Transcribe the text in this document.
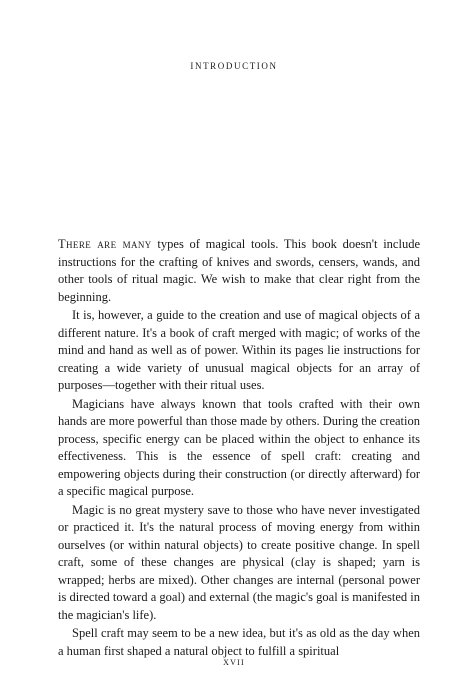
introduction

There are many types of magical tools. This book doesn't include instructions for the crafting of knives and swords, censers, wands, and other tools of ritual magic. We wish to make that clear right from the beginning.

It is, however, a guide to the creation and use of magical objects of a different nature. It's a book of craft merged with magic; of works of the mind and hand as well as of power. Within its pages lie instructions for creating a wide variety of unusual magical objects for an array of purposes—together with their ritual uses.

Magicians have always known that tools crafted with their own hands are more powerful than those made by others. During the creation process, specific energy can be placed within the object to enhance its effectiveness. This is the essence of spell craft: creating and empowering objects during their construction (or directly afterward) for a specific magical purpose.

Magic is no great mystery save to those who have never investigated or practiced it. It's the natural process of moving energy from within ourselves (or within natural objects) to create positive change. In spell craft, some of these changes are physical (clay is shaped; yarn is wrapped; herbs are mixed). Other changes are internal (personal power is directed toward a goal) and external (the magic's goal is manifested in the magician's life).

Spell craft may seem to be a new idea, but it's as old as the day when a human first shaped a natural object to fulfill a spiritual

XVII
